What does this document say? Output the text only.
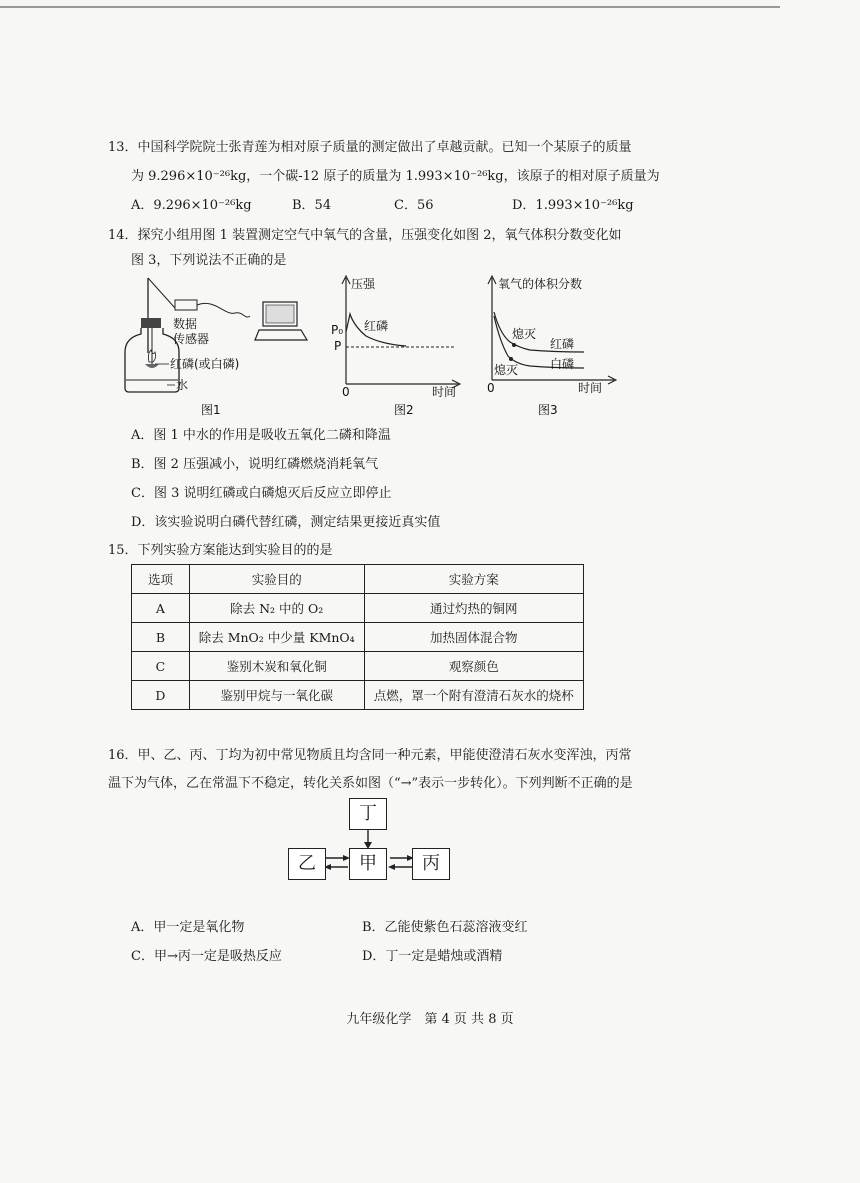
13．中国科学院院士张青莲为相对原子质量的测定做出了卓越贡献。已知一个某原子的质量
为 9.296×10⁻²⁶kg，一个碳-12 原子的质量为 1.993×10⁻²⁶kg，该原子的相对原子质量为
A．9.296×10⁻²⁶kg	B．54	C．56	D．1.993×10⁻²⁶kg
14．探究小组用图 1 装置测定空气中氧气的含量，压强变化如图 2，氧气体积分数变化如
图 3，下列说法不正确的是
数据
传感器
红磷(或白磷)
水
图1
压强
P₀
P
红磷
0	时间
图2
氧气的体积分数
熄灭
红磷
熄灭	白磷
0	时间
图3
A．图 1 中水的作用是吸收五氧化二磷和降温
B．图 2 压强减小，说明红磷燃烧消耗氧气
C．图 3 说明红磷或白磷熄灭后反应立即停止
D．该实验说明白磷代替红磷，测定结果更接近真实值
15．下列实验方案能达到实验目的的是
选项	实验目的	实验方案
A	除去 N₂ 中的 O₂	通过灼热的铜网
B	除去 MnO₂ 中少量 KMnO₄	加热固体混合物
C	鉴别木炭和氧化铜	观察颜色
D	鉴别甲烷与一氧化碳	点燃，罩一个附有澄清石灰水的烧杯
16．甲、乙、丙、丁均为初中常见物质且均含同一种元素，甲能使澄清石灰水变浑浊，丙常
温下为气体，乙在常温下不稳定，转化关系如图（“→”表示一步转化）。下列判断不正确的是
丁
乙	甲	丙
A．甲一定是氧化物	B．乙能使紫色石蕊溶液变红
C．甲→丙一定是吸热反应	D．丁一定是蜡烛或酒精
九年级化学　第 4 页 共 8 页
